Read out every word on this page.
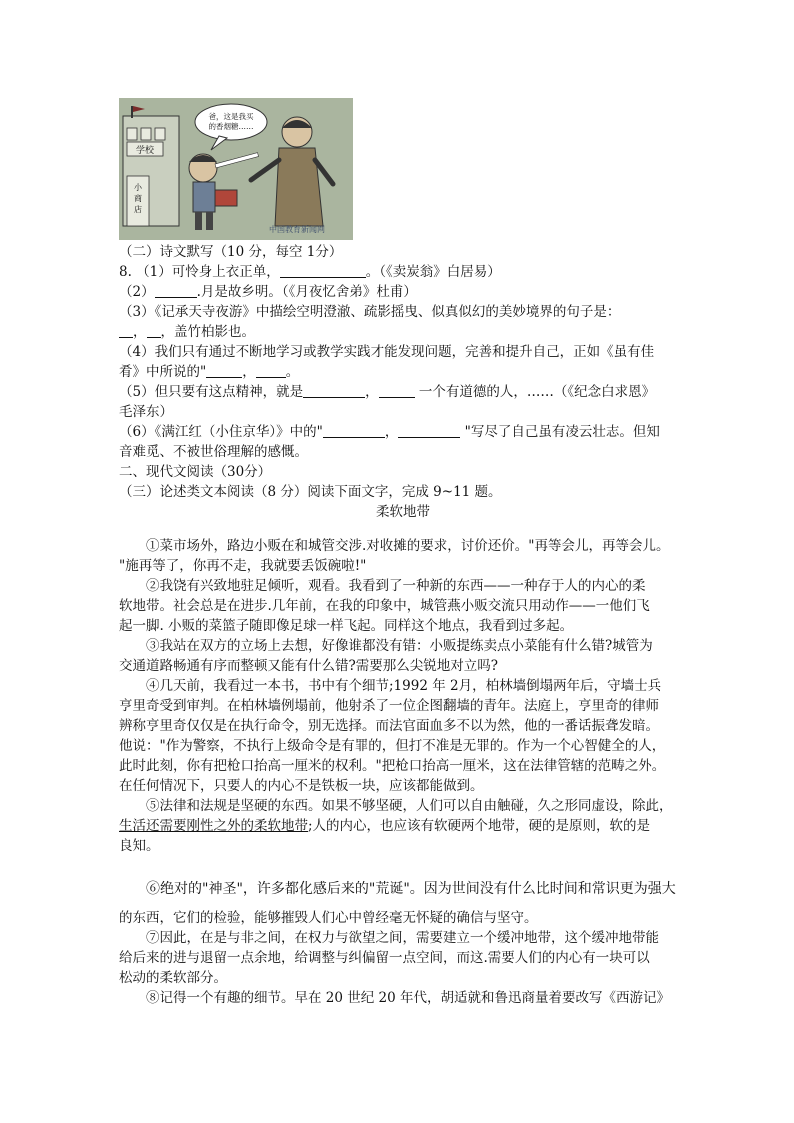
学校
小
商
店
爸，这是我买
的香烟糖……
中国教育新闻网
（二）诗文默写（10 分，每空 1分）
8. （1）可怜身上衣正单，	。（《卖炭翁》白居易）
（2）	.月是故乡明。（《月夜忆舍弟》杜甫）
（3）《记承天寺夜游》中描绘空明澄澈、疏影摇曳、似真似幻的美妙境界的句子是：
， ，盖竹柏影也。
（4）我们只有通过不断地学习或教学实践才能发现问题，完善和提升自己，正如《虽有佳
肴》中所说的"	， 。
（5）但只要有这点精神，就是	，	一个有道德的人，……（《纪念白求恩》
毛泽东）
（6）《满江红（小住京华）》中的"	，	"写尽了自己虽有凌云壮志。但知
音难觅、不被世俗理解的感慨。
二、现代文阅读（30分）
（三）论述类文本阅读（8 分）阅读下面文字，完成 9~11 题。
柔软地带
①菜市场外，路边小贩在和城管交涉.对收摊的要求，讨价还价。"再等会儿，再等会儿。
"施再等了，你再不走，我就要丢饭碗啦!"
②我饶有兴致地驻足倾听，观看。我看到了一种新的东西——一种存于人的内心的柔
软地带。社会总是在进步.几年前，在我的印象中，城管燕小贩交流只用动作——一他们飞
起一脚. 小贩的菜篮子随即像足球一样飞起。同样这个地点，我看到过多起。
③我站在双方的立场上去想，好像谁都没有错：小贩提练卖点小菜能有什么错?城管为
交通道路畅通有序而整顿又能有什么错?需要那么尖锐地对立吗?
④几天前，我看过一本书，书中有个细节;1992 年 2月，柏林墙倒塌两年后，守墙士兵
亨里奇受到审判。在柏林墙例塌前，他射杀了一位企图翻墙的青年。法庭上，亨里奇的律师
辨称亨里奇仅仅是在执行命令，别无选择。而法官面血多不以为然，他的一番话振聋发暗。
他说："作为警察，不执行上级命令是有罪的，但打不准是无罪的。作为一个心智健全的人，
此时此刻，你有把枪口抬高一厘米的权利。"把枪口抬高一厘米，这在法律管辖的范畴之外。
在任何情况下，只要人的内心不是铁板一块，应该都能做到。
⑤法律和法规是坚硬的东西。如果不够坚硬，人们可以自由触碰，久之形同虚设，除此，
生活还需要刚性之外的柔软地带;人的内心，也应该有软硬两个地带，硬的是原则，软的是
良知。
⑥绝对的"神圣"，许多都化感后来的"荒诞"。因为世间没有什么比时间和常识更为强大
的东西，它们的检验，能够摧毁人们心中曾经毫无怀疑的确信与坚守。
⑦因此，在是与非之间，在权力与欲望之间，需要建立一个缓冲地带，这个缓冲地带能
给后来的进与退留一点余地，给调整与纠偏留一点空间，而这.需要人们的内心有一块可以
松动的柔软部分。
⑧记得一个有趣的细节。早在 20 世纪 20 年代，胡适就和鲁迅商量着要改写《西游记》
